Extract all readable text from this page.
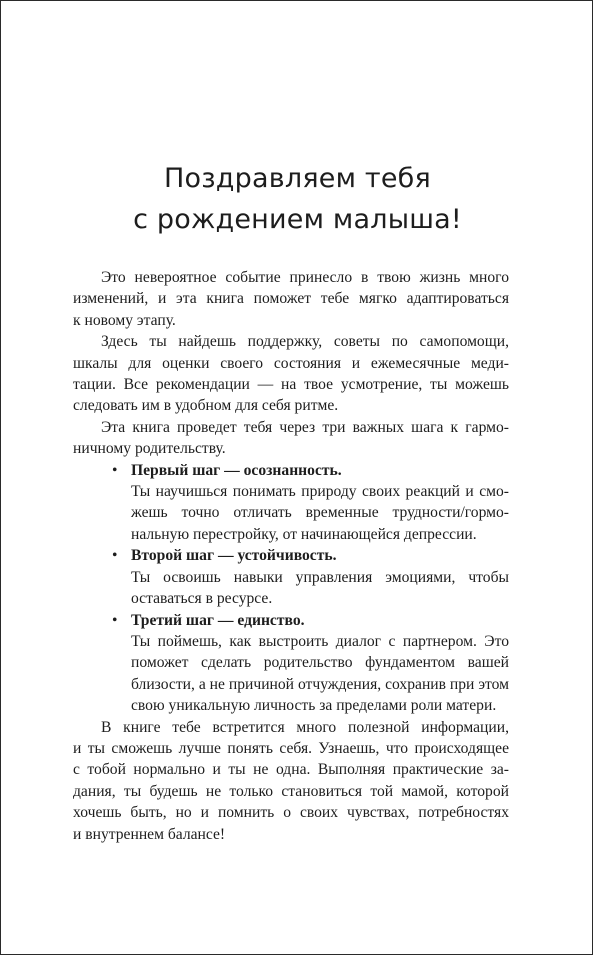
Поздравляем тебя
с рождением малыша!

Это невероятное событие принесло в твою жизнь много
изменений, и эта книга поможет тебе мягко адаптироваться
к новому этапу.

Здесь ты найдешь поддержку, советы по самопомощи,
шкалы для оценки своего состояния и ежемесячные меди-
тации. Все рекомендации — на твое усмотрение, ты можешь
следовать им в удобном для себя ритме.

Эта книга проведет тебя через три важных шага к гармо-
ничному родительству.

• Первый шаг — осознанность.
Ты научишься понимать природу своих реакций и смо-
жешь точно отличать временные трудности/гормо-
нальную перестройку, от начинающейся депрессии.
• Второй шаг — устойчивость.
Ты освоишь навыки управления эмоциями, чтобы
оставаться в ресурсе.
• Третий шаг — единство.
Ты поймешь, как выстроить диалог с партнером. Это
поможет сделать родительство фундаментом вашей
близости, а не причиной отчуждения, сохранив при этом
свою уникальную личность за пределами роли матери.

В книге тебе встретится много полезной информации,
и ты сможешь лучше понять себя. Узнаешь, что происходящее
с тобой нормально и ты не одна. Выполняя практические за-
дания, ты будешь не только становиться той мамой, которой
хочешь быть, но и помнить о своих чувствах, потребностях
и внутреннем балансе!
